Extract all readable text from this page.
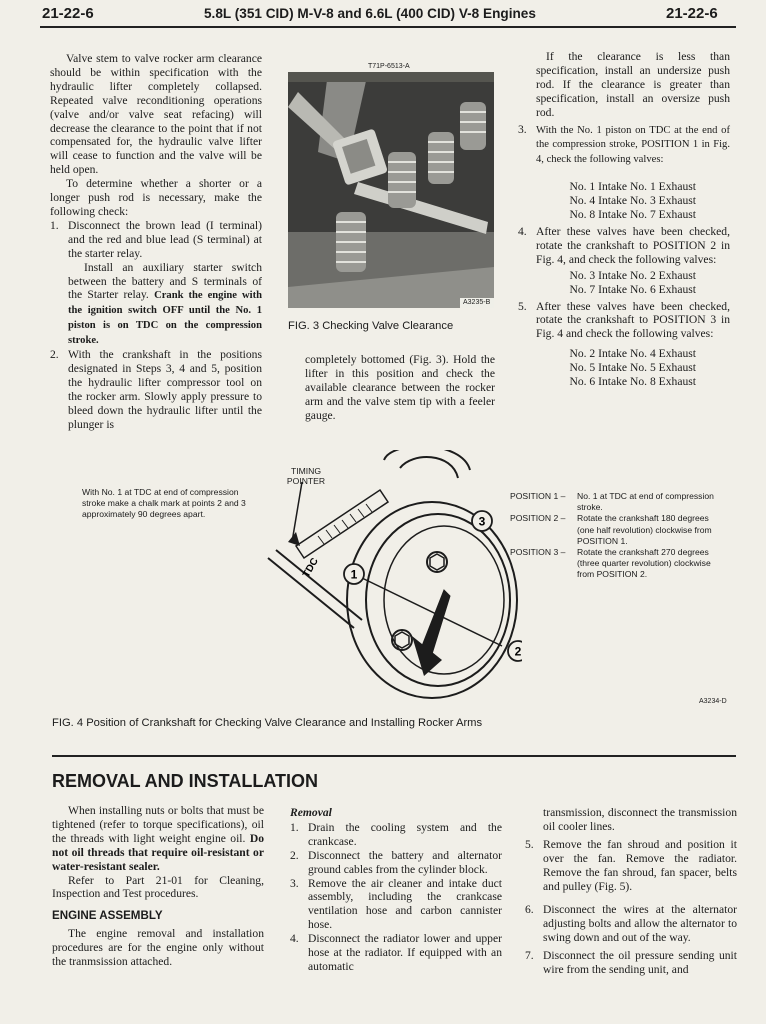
21-22-6	5.8L (351 CID) M-V-8 and 6.6L (400 CID) V-8 Engines	21-22-6

Valve stem to valve rocker arm clearance should be within specification with the hydraulic lifter completely collapsed. Repeated valve reconditioning operations (valve and/or valve seat refacing) will decrease the clearance to the point that if not compensated for, the hydraulic valve lifter will cease to function and the valve will be held open.

To determine whether a shorter or a longer push rod is necessary, make the following check:

1. Disconnect the brown lead (I terminal) and the red and blue lead (S terminal) at the starter relay.

Install an auxiliary starter switch between the battery and S terminals of the Starter relay. Crank the engine with the ignition switch OFF until the No. 1 piston is on TDC on the compression stroke.

2. With the crankshaft in the positions designated in Steps 3, 4 and 5, position the hydraulic lifter compressor tool on the rocker arm. Slowly apply pressure to bleed down the hydraulic lifter until the plunger is
T71P-6513-A
A3235-B
FIG. 3 Checking Valve Clearance

completely bottomed (Fig. 3). Hold the lifter in this position and check the available clearance between the rocker arm and the valve stem tip with a feeler gauge.

If the clearance is less than specification, install an undersize push rod. If the clearance is greater than specification, install an oversize push rod.

3. With the No. 1 piston on TDC at the end of the compression stroke, POSITION 1 in Fig. 4, check the following valves:

No. 1 Intake No. 1 Exhaust

No. 4 Intake No. 3 Exhaust

No. 8 Intake No. 7 Exhaust

4. After these valves have been checked, rotate the crankshaft to POSITION 2 in Fig. 4, and check the following valves:

No. 3 Intake No. 2 Exhaust

No. 7 Intake No. 6 Exhaust

5. After these valves have been checked, rotate the crankshaft to POSITION 3 in Fig. 4 and check the following valves:

No. 2 Intake No. 4 Exhaust

No. 5 Intake No. 5 Exhaust

No. 6 Intake No. 8 Exhaust

With No. 1 at TDC at end of compression stroke make a chalk mark at points 2 and 3 approximately 90 degrees apart.
TIMING POINTER
TDC 1
2
3
POSITION 1 – No. 1 at TDC at end of compression stroke.
POSITION 2 – Rotate the crankshaft 180 degrees (one half revolution) clockwise from POSITION 1.
POSITION 3 – Rotate the crankshaft 270 degrees (three quarter revolution) clockwise from POSITION 2.
A3234-D
FIG. 4 Position of Crankshaft for Checking Valve Clearance and Installing Rocker Arms
REMOVAL AND INSTALLATION

When installing nuts or bolts that must be tightened (refer to torque specifications), oil the threads with light weight engine oil. Do not oil threads that require oil-resistant or water-resistant sealer.

Refer to Part 21-01 for Cleaning, Inspection and Test procedures.

ENGINE ASSEMBLY

The engine removal and installation procedures are for the engine only without the tranmsission attached.

Removal
1. Drain the cooling system and the crankcase.
2. Disconnect the battery and alternator ground cables from the cylinder block.
3. Remove the air cleaner and intake duct assembly, including the crankcase ventilation hose and carbon cannister hose.
4. Disconnect the radiator lower and upper hose at the radiator. If equipped with an automatic

transmission, disconnect the transmission oil cooler lines.

5. Remove the fan shroud and position it over the fan. Remove the radiator. Remove the fan shroud, fan spacer, belts and pulley (Fig. 5).
6. Disconnect the wires at the alternator adjusting bolts and allow the alternator to swing down and out of the way.
7. Disconnect the oil pressure sending unit wire from the sending unit, and
